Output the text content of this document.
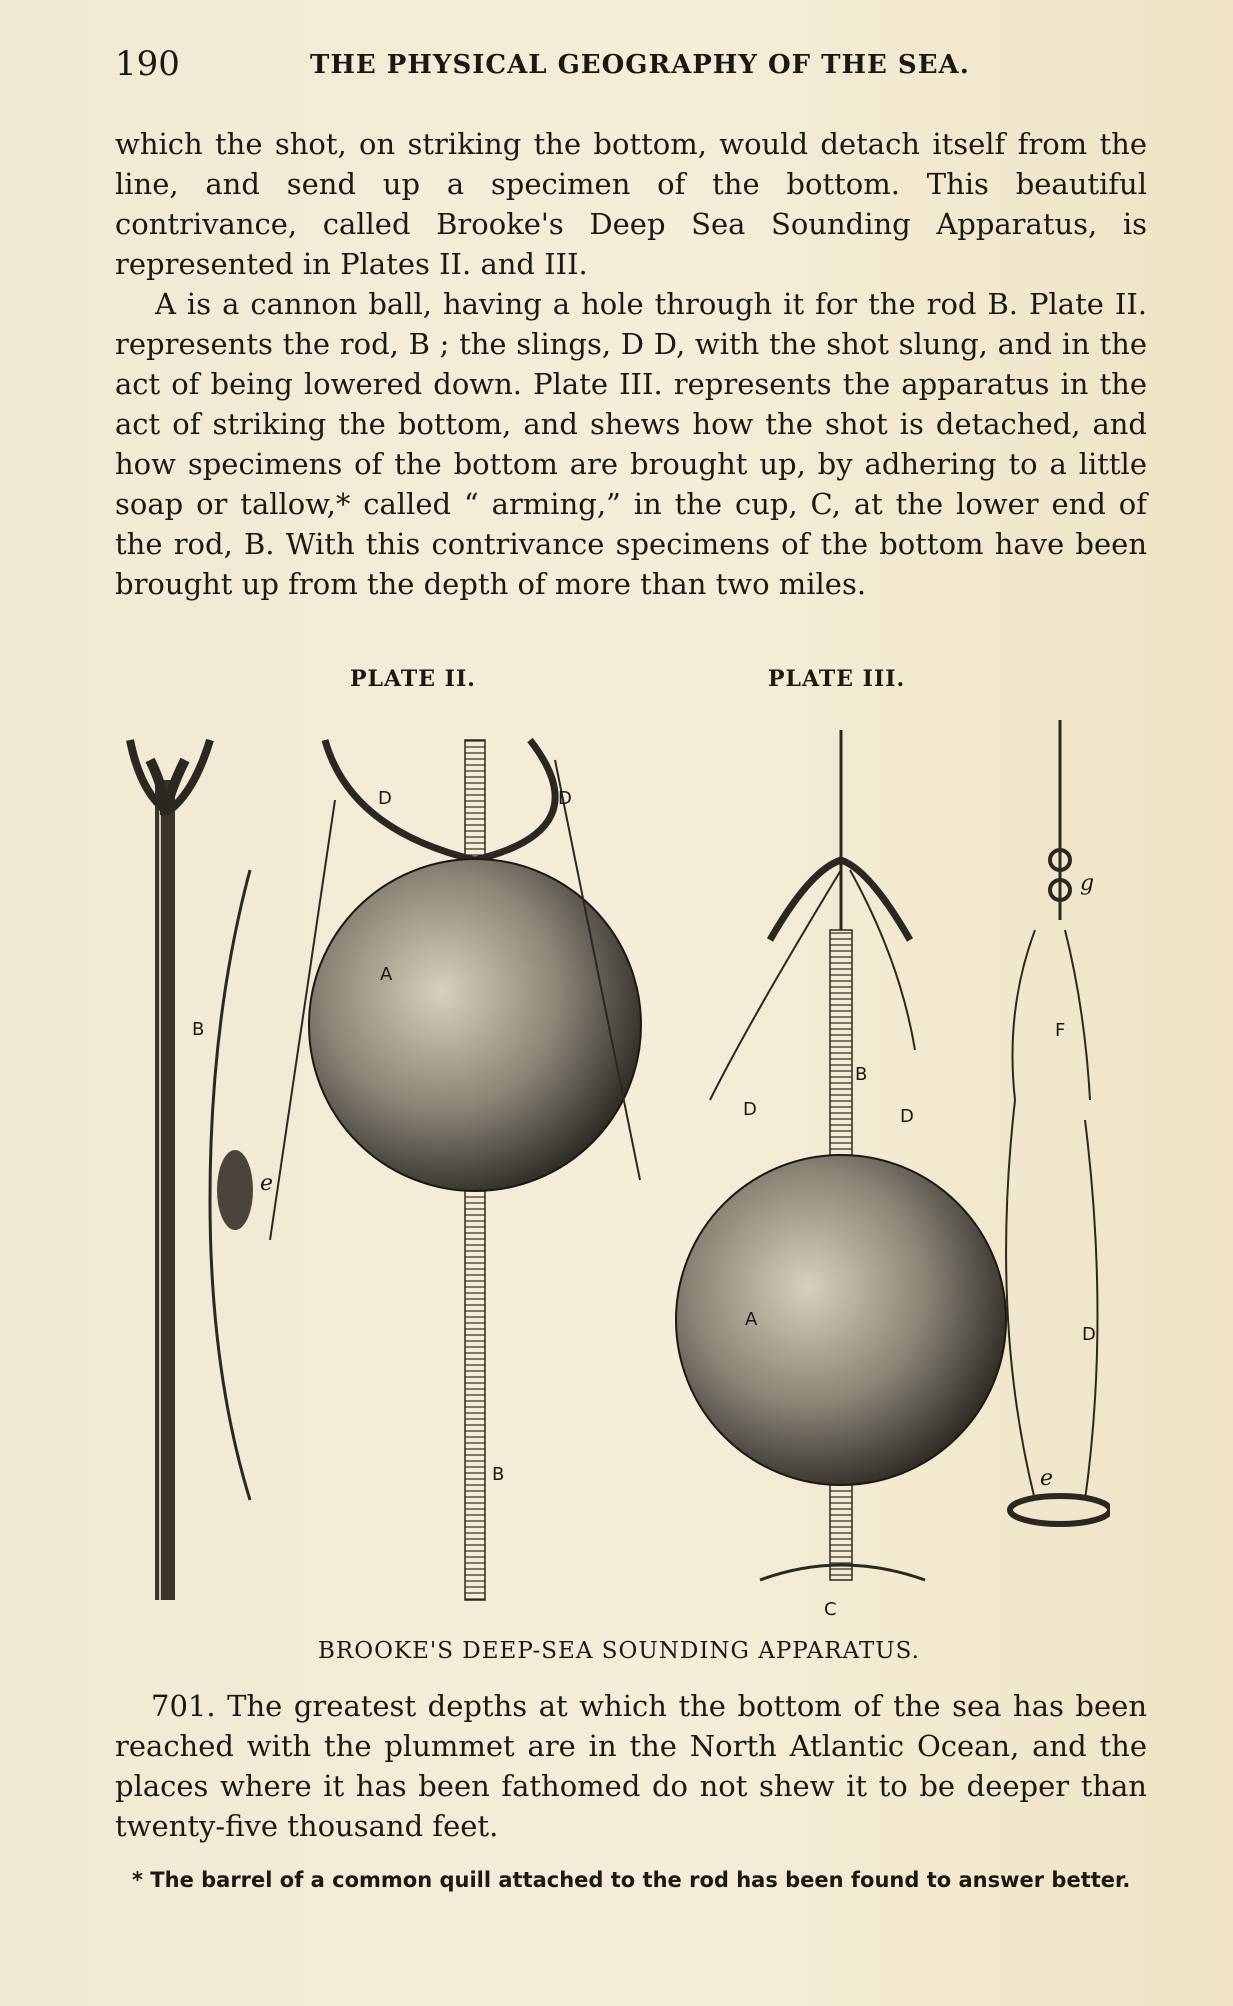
190	THE PHYSICAL GEOGRAPHY OF THE SEA.

which the shot, on striking the bottom, would detach itself from the line, and send up a specimen of the bottom. This beautiful contrivance, called Brooke's Deep Sea Sounding Apparatus, is represented in Plates II. and III.

A is a cannon ball, having a hole through it for the rod B. Plate II. represents the rod, B ; the slings, D D, with the shot slung, and in the act of being lowered down. Plate III. represents the apparatus in the act of striking the bottom, and shews how the shot is detached, and how specimens of the bottom are brought up, by adhering to a little soap or tallow,* called “ arming,” in the cup, C, at the lower end of the rod, B. With this contrivance specimens of the bottom have been brought up from the depth of more than two miles.

PLATE II.	PLATE III.
B
e
A
D	D
B
B
A
D	D
C
g
F
D
e
BROOKE'S DEEP-SEA SOUNDING APPARATUS.

701. The greatest depths at which the bottom of the sea has been reached with the plummet are in the North Atlantic Ocean, and the places where it has been fathomed do not shew it to be deeper than twenty-five thousand feet.

* The barrel of a common quill attached to the rod has been found to answer better.
